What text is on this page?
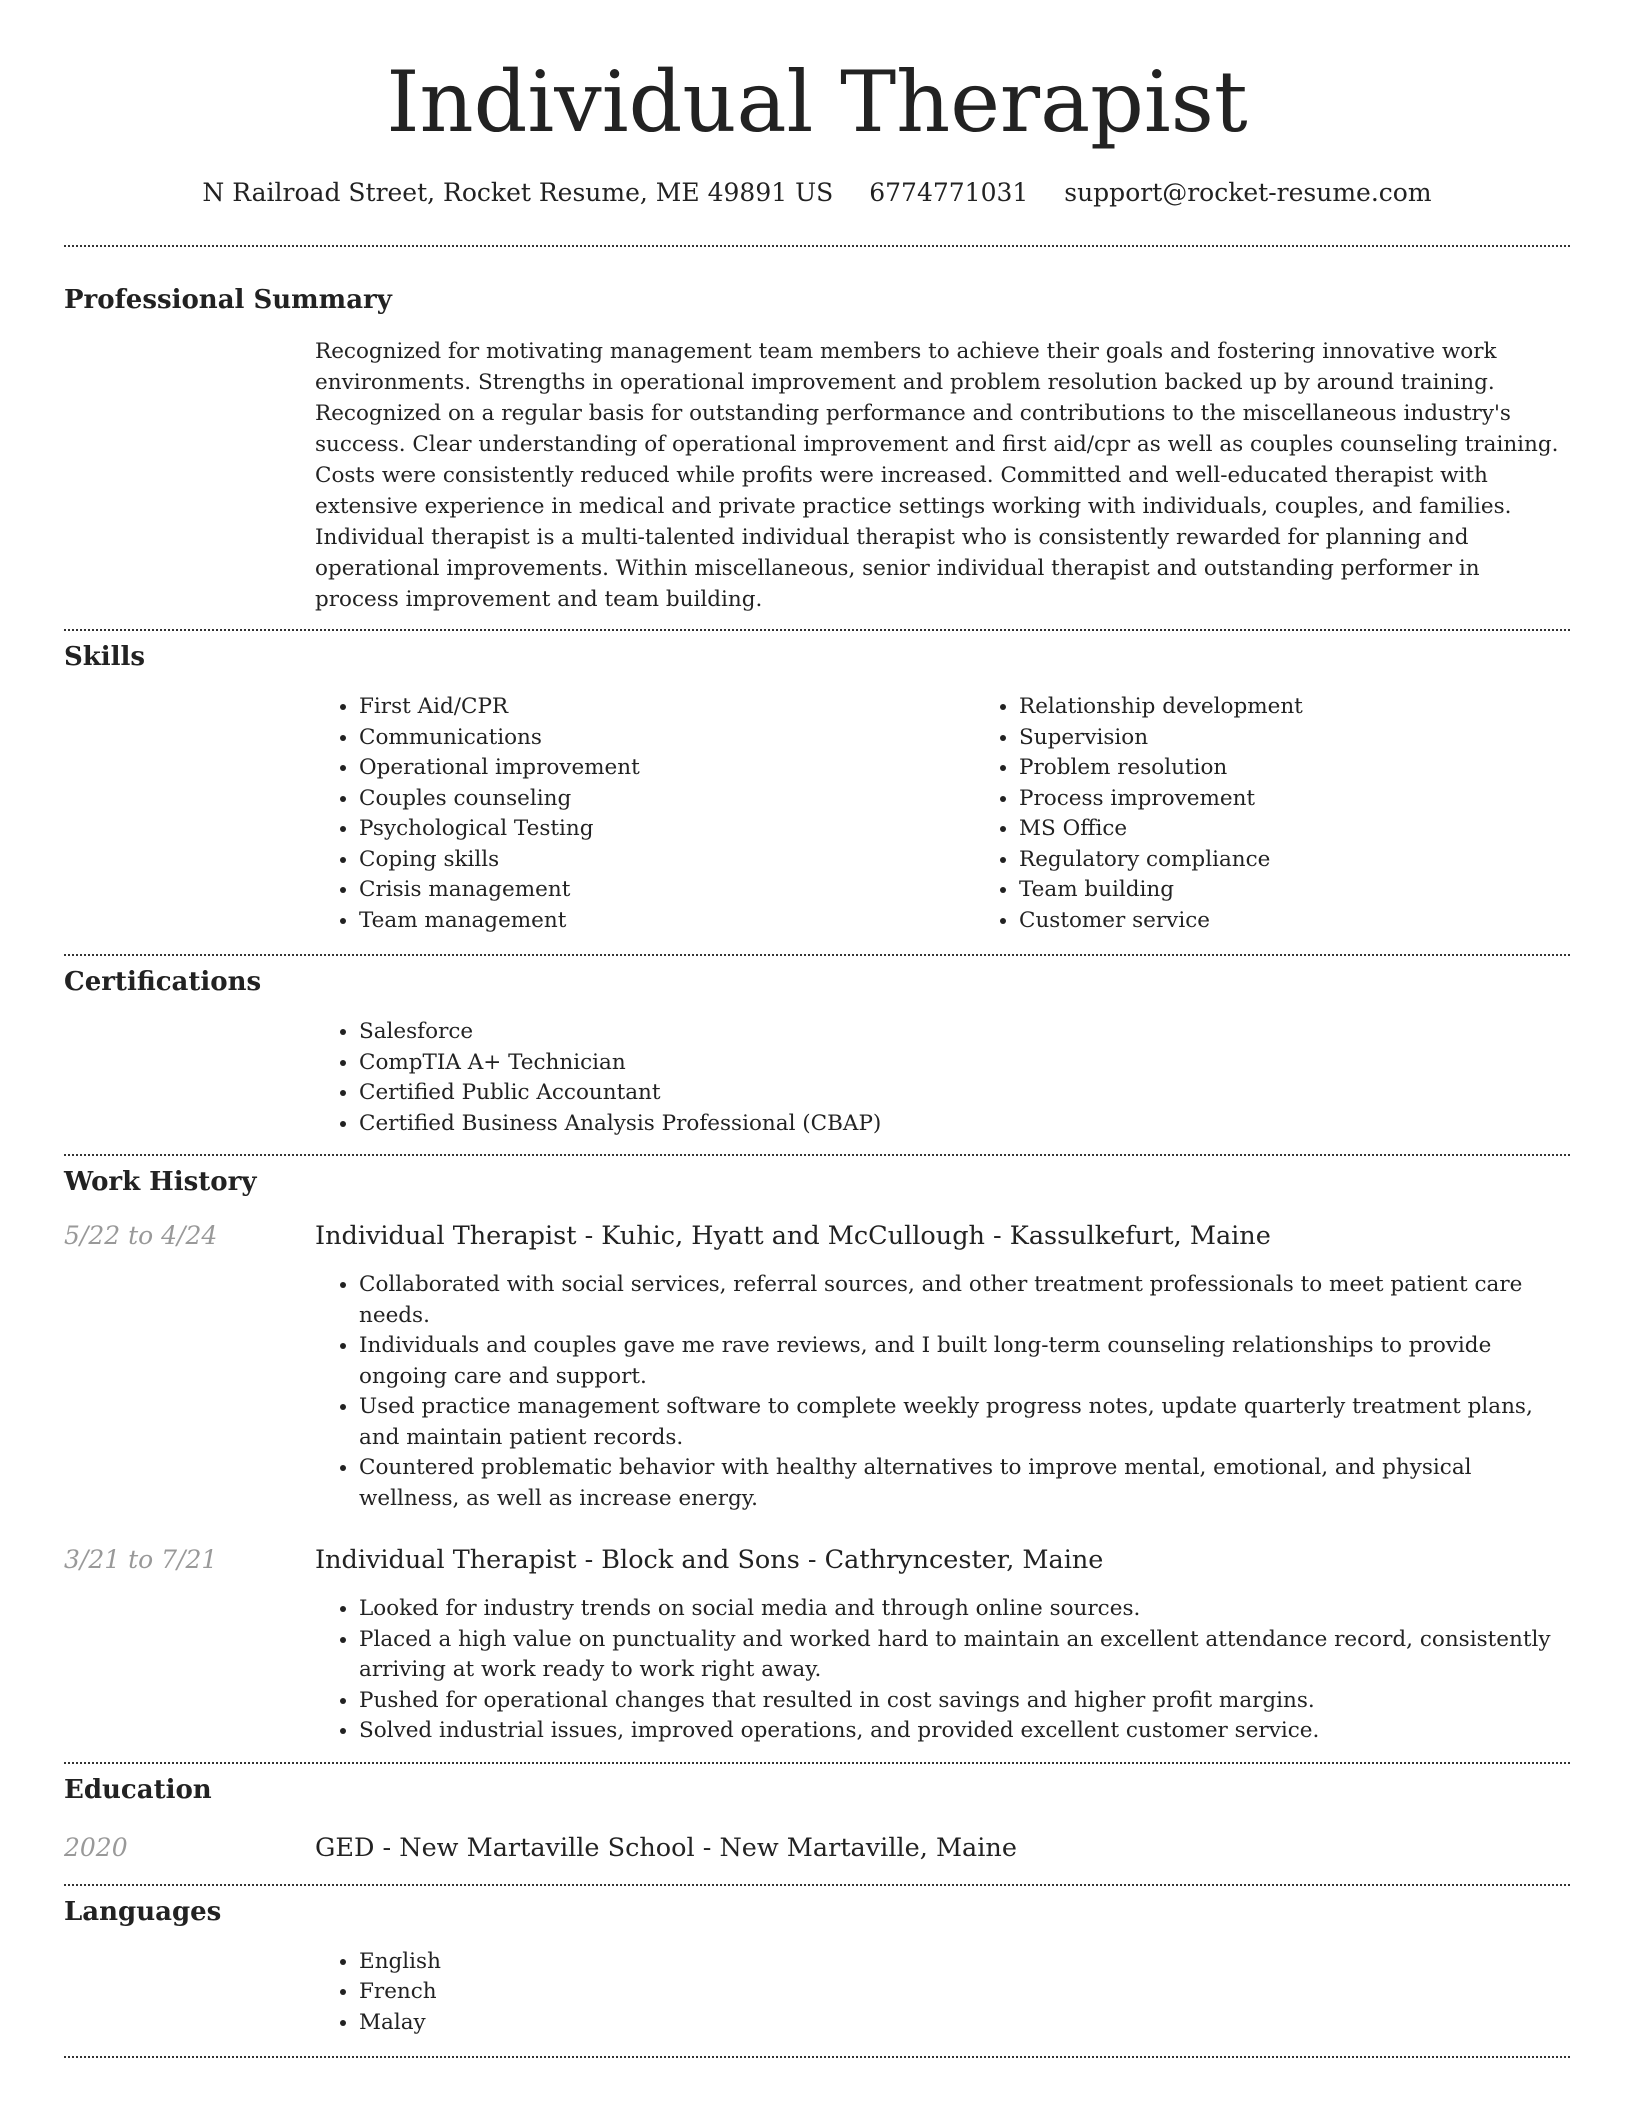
Individual Therapist
N Railroad Street, Rocket Resume, ME 49891 US 6774771031 support@rocket-resume.com
Professional Summary

Recognized for motivating management team members to achieve their goals and fostering innovative work environments. Strengths in operational improvement and problem resolution backed up by around training. Recognized on a regular basis for outstanding performance and contributions to the miscellaneous industry's success. Clear understanding of operational improvement and first aid/cpr as well as couples counseling training. Costs were consistently reduced while profits were increased. Committed and well-educated therapist with extensive experience in medical and private practice settings working with individuals, couples, and families. Individual therapist is a multi-talented individual therapist who is consistently rewarded for planning and operational improvements. Within miscellaneous, senior individual therapist and outstanding performer in process improvement and team building.

Skills
• First Aid/CPR
• Communications
• Operational improvement
• Couples counseling
• Psychological Testing
• Coping skills
• Crisis management
• Team management
• Relationship development
• Supervision
• Problem resolution
• Process improvement
• MS Office
• Regulatory compliance
• Team building
• Customer service
Certifications
• Salesforce
• CompTIA A+ Technician
• Certified Public Accountant
• Certified Business Analysis Professional (CBAP)
Work History
5/22 to 4/24	Individual Therapist - Kuhic, Hyatt and McCullough - Kassulkefurt, Maine

• Collaborated with social services, referral sources, and other treatment professionals to meet patient care needs.
• Individuals and couples gave me rave reviews, and I built long-term counseling relationships to provide ongoing care and support.
• Used practice management software to complete weekly progress notes, update quarterly treatment plans, and maintain patient records.
• Countered problematic behavior with healthy alternatives to improve mental, emotional, and physical wellness, as well as increase energy.
3/21 to 7/21	Individual Therapist - Block and Sons - Cathryncester, Maine

• Looked for industry trends on social media and through online sources.
• Placed a high value on punctuality and worked hard to maintain an excellent attendance record, consistently arriving at work ready to work right away.
• Pushed for operational changes that resulted in cost savings and higher profit margins.
• Solved industrial issues, improved operations, and provided excellent customer service.
Education
2020	GED - New Martaville School - New Martaville, Maine

Languages
• English
• French
• Malay
